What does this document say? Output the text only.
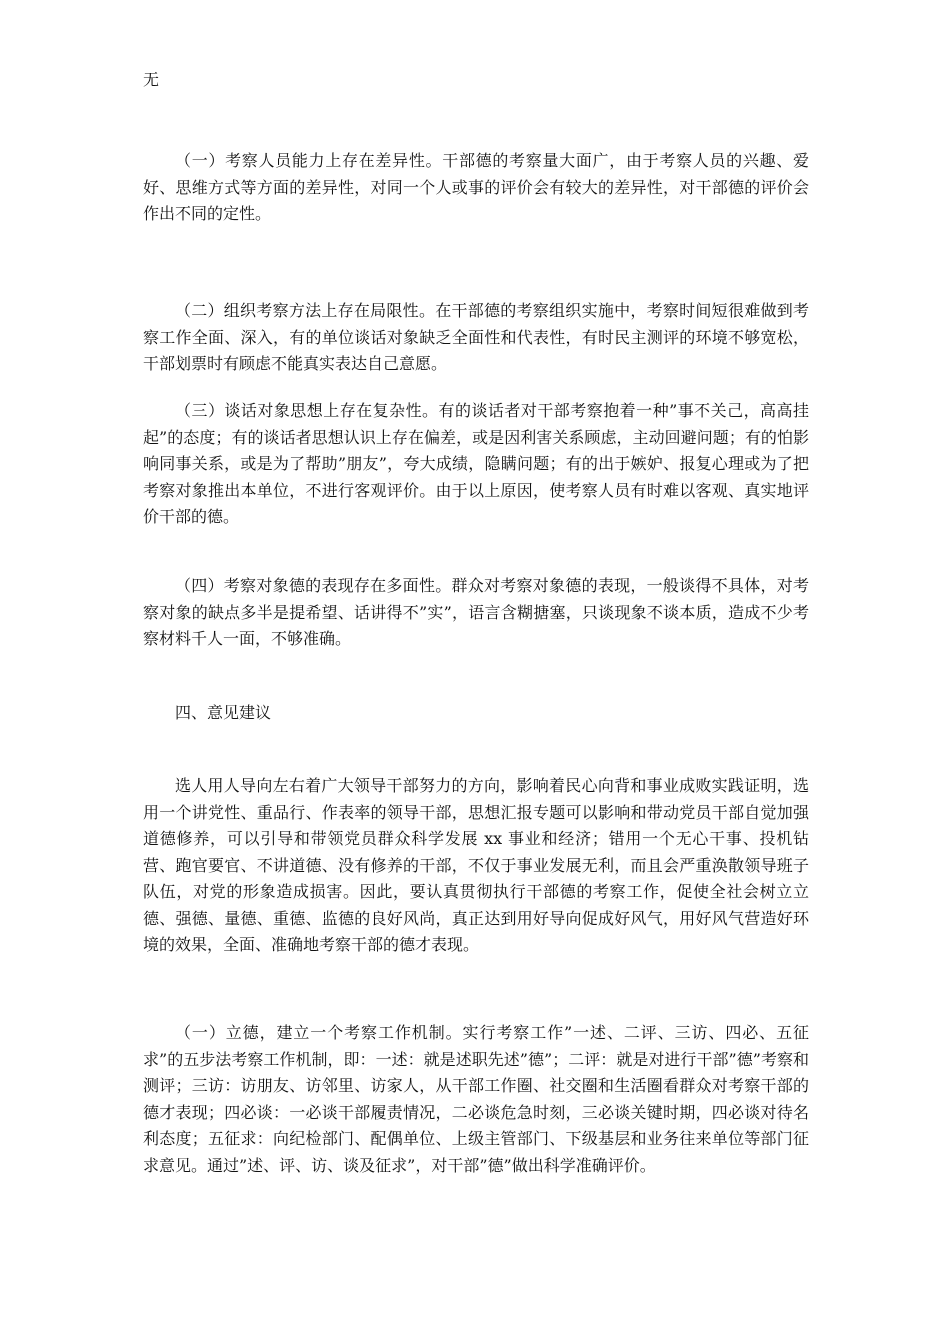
无

（一）考察人员能力上存在差异性。干部德的考察量大面广，由于考察人员的兴趣、爱好、思维方式等方面的差异性，对同一个人或事的评价会有较大的差异性，对干部德的评价会作出不同的定性。

（二）组织考察方法上存在局限性。在干部德的考察组织实施中，考察时间短很难做到考察工作全面、深入，有的单位谈话对象缺乏全面性和代表性，有时民主测评的环境不够宽松，干部划票时有顾虑不能真实表达自己意愿。

（三）谈话对象思想上存在复杂性。有的谈话者对干部考察抱着一种”事不关己，高高挂起”的态度；有的谈话者思想认识上存在偏差，或是因利害关系顾虑，主动回避问题；有的怕影响同事关系，或是为了帮助”朋友”，夸大成绩，隐瞒问题；有的出于嫉妒、报复心理或为了把考察对象推出本单位，不进行客观评价。由于以上原因，使考察人员有时难以客观、真实地评价干部的德。

（四）考察对象德的表现存在多面性。群众对考察对象德的表现，一般谈得不具体，对考察对象的缺点多半是提希望、话讲得不”实”，语言含糊搪塞，只谈现象不谈本质，造成不少考察材料千人一面，不够准确。

四、意见建议

选人用人导向左右着广大领导干部努力的方向，影响着民心向背和事业成败实践证明，选用一个讲党性、重品行、作表率的领导干部，思想汇报专题可以影响和带动党员干部自觉加强道德修养，可以引导和带领党员群众科学发展 xx 事业和经济；错用一个无心干事、投机钻营、跑官要官、不讲道德、没有修养的干部，不仅于事业发展无利，而且会严重涣散领导班子队伍，对党的形象造成损害。因此，要认真贯彻执行干部德的考察工作，促使全社会树立立德、强德、量德、重德、监德的良好风尚，真正达到用好导向促成好风气，用好风气营造好环境的效果，全面、准确地考察干部的德才表现。

（一）立德，建立一个考察工作机制。实行考察工作”一述、二评、三访、四必、五征求”的五步法考察工作机制，即：一述：就是述职先述”德”；二评：就是对进行干部”德”考察和测评；三访：访朋友、访邻里、访家人，从干部工作圈、社交圈和生活圈看群众对考察干部的德才表现；四必谈：一必谈干部履责情况，二必谈危急时刻，三必谈关键时期，四必谈对待名利态度；五征求：向纪检部门、配偶单位、上级主管部门、下级基层和业务往来单位等部门征求意见。通过”述、评、访、谈及征求”，对干部”德”做出科学准确评价。
